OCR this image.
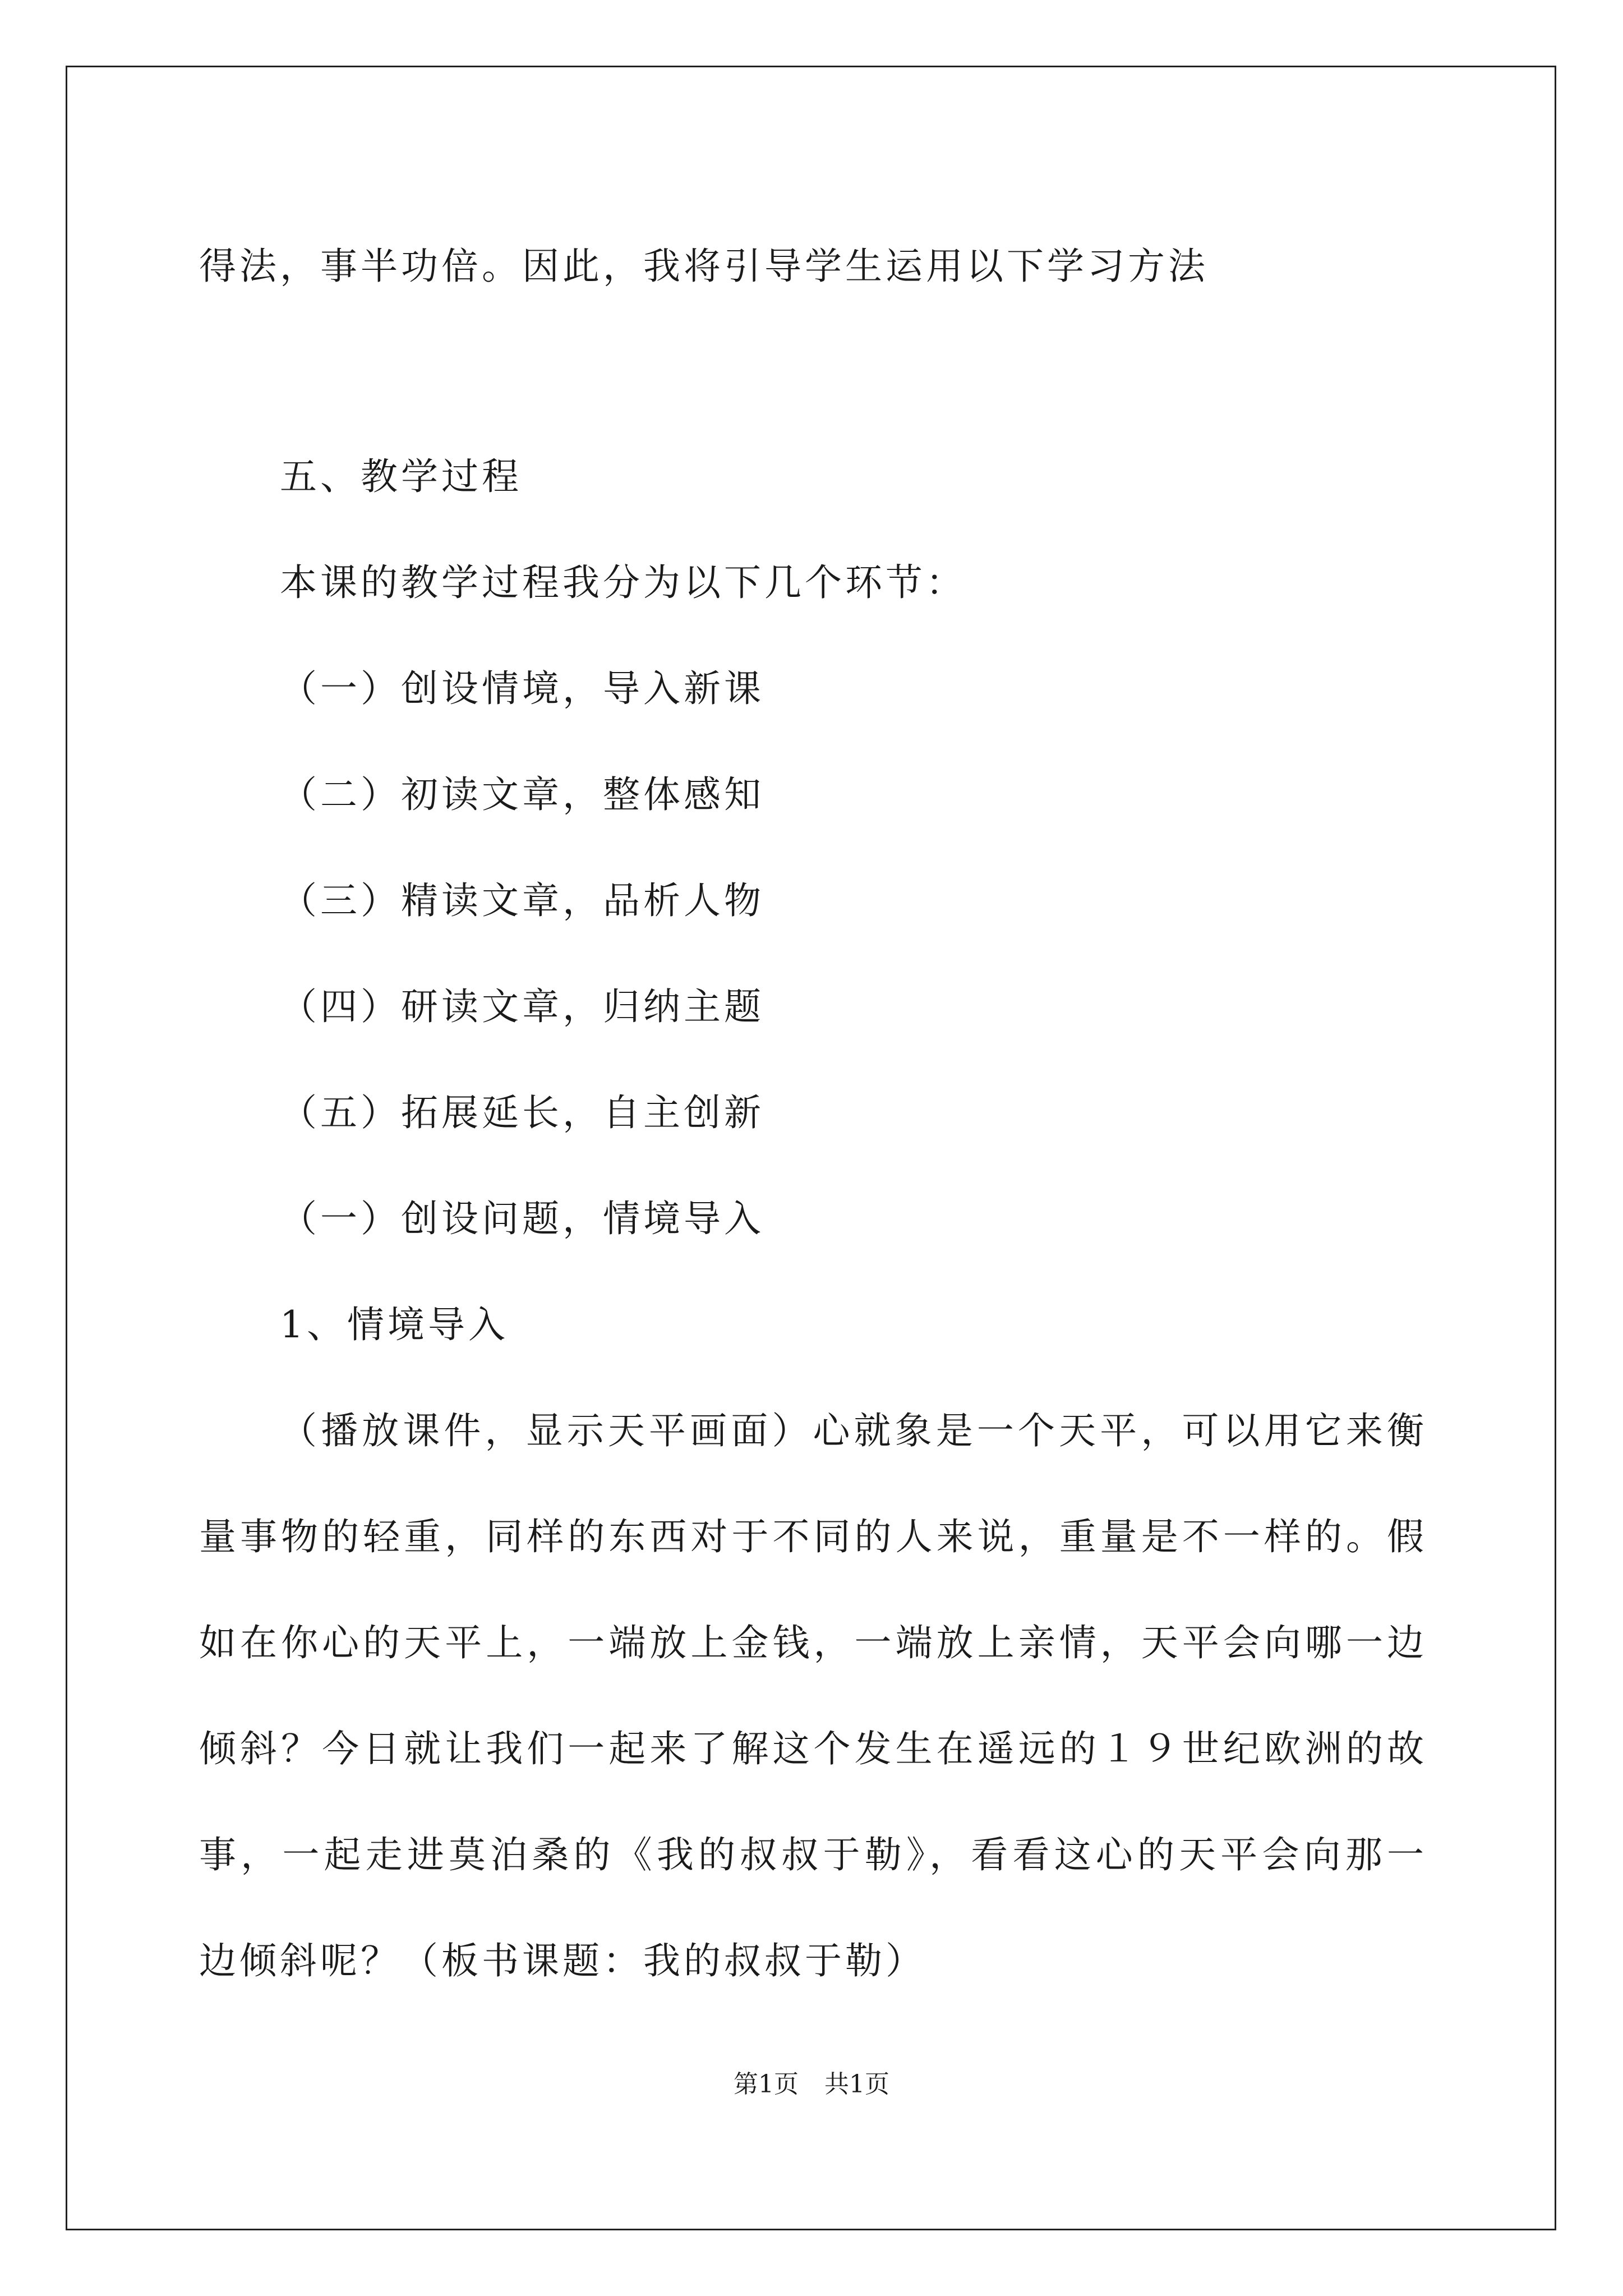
得法，事半功倍。因此，我将引导学生运用以下学习方法

五、教学过程

本课的教学过程我分为以下几个环节：

（一）创设情境，导入新课

（二）初读文章，整体感知

（三）精读文章，品析人物

（四）研读文章，归纳主题

（五）拓展延长，自主创新

（一）创设问题，情境导入

1、情境导入

（播放课件，显示天平画面）心就象是一个天平，可以用它来衡量事物的轻重，同样的东西对于不同的人来说，重量是不一样的。假如在你心的天平上，一端放上金钱，一端放上亲情，天平会向哪一边倾斜？今日就让我们一起来了解这个发生在遥远的１９世纪欧洲的故事，一起走进莫泊桑的《我的叔叔于勒》，看看这心的天平会向那一边倾斜呢？（板书课题：我的叔叔于勒）

第1页 共1页
